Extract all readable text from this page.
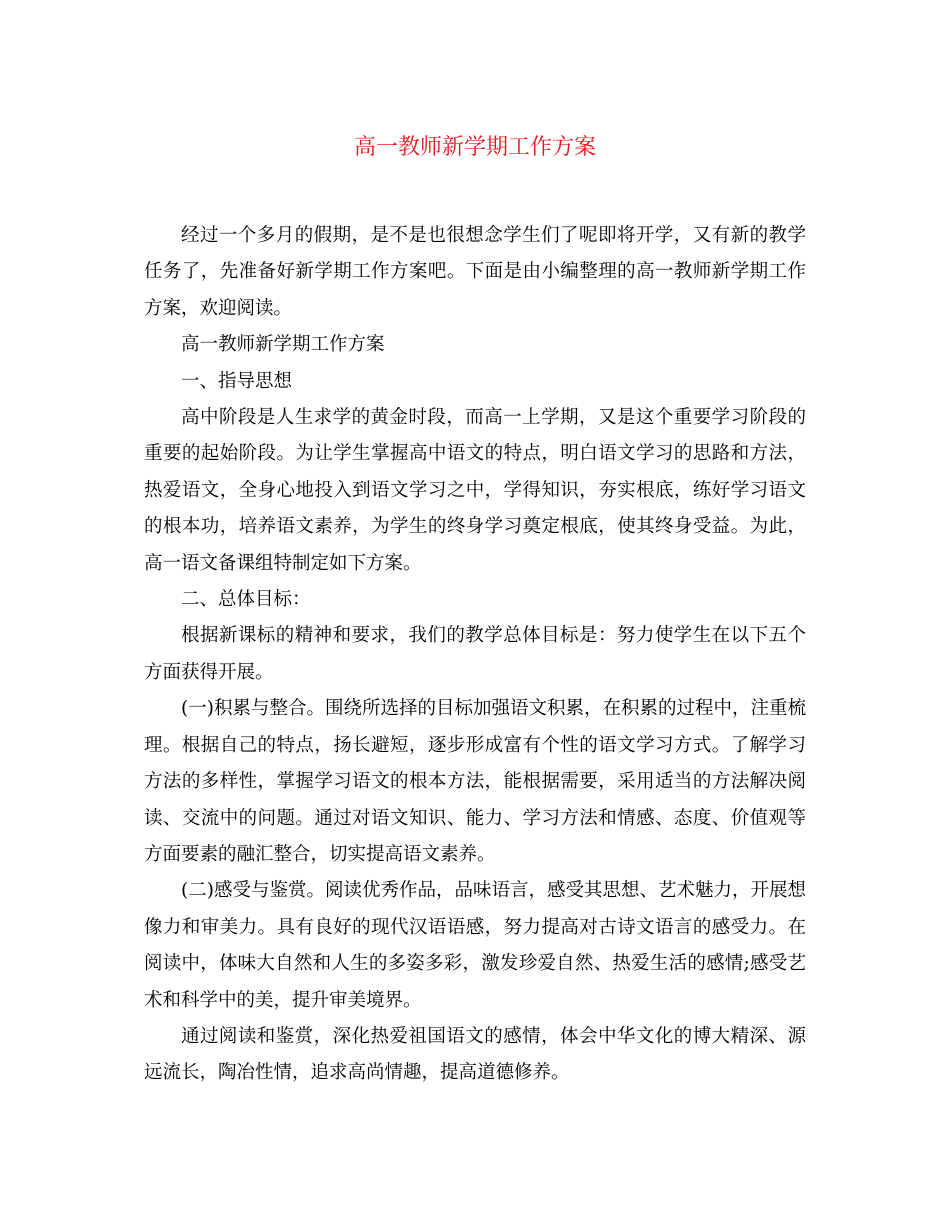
高一教师新学期工作方案

经过一个多月的假期，是不是也很想念学生们了呢即将开学，又有新的教学任务了，先准备好新学期工作方案吧。下面是由小编整理的高一教师新学期工作方案，欢迎阅读。

高一教师新学期工作方案

一、指导思想

高中阶段是人生求学的黄金时段，而高一上学期，又是这个重要学习阶段的重要的起始阶段。为让学生掌握高中语文的特点，明白语文学习的思路和方法，热爱语文，全身心地投入到语文学习之中，学得知识，夯实根底，练好学习语文的根本功，培养语文素养，为学生的终身学习奠定根底，使其终身受益。为此，高一语文备课组特制定如下方案。

二、总体目标：

根据新课标的精神和要求，我们的教学总体目标是：努力使学生在以下五个方面获得开展。

(一)积累与整合。围绕所选择的目标加强语文积累，在积累的过程中，注重梳理。根据自己的特点，扬长避短，逐步形成富有个性的语文学习方式。了解学习方法的多样性，掌握学习语文的根本方法，能根据需要，采用适当的方法解决阅读、交流中的问题。通过对语文知识、能力、学习方法和情感、态度、价值观等方面要素的融汇整合，切实提高语文素养。

(二)感受与鉴赏。阅读优秀作品，品味语言，感受其思想、艺术魅力，开展想像力和审美力。具有良好的现代汉语语感，努力提高对古诗文语言的感受力。在阅读中，体味大自然和人生的多姿多彩，激发珍爱自然、热爱生活的感情;感受艺术和科学中的美，提升审美境界。

通过阅读和鉴赏，深化热爱祖国语文的感情，体会中华文化的博大精深、源远流长，陶冶性情，追求高尚情趣，提高道德修养。
